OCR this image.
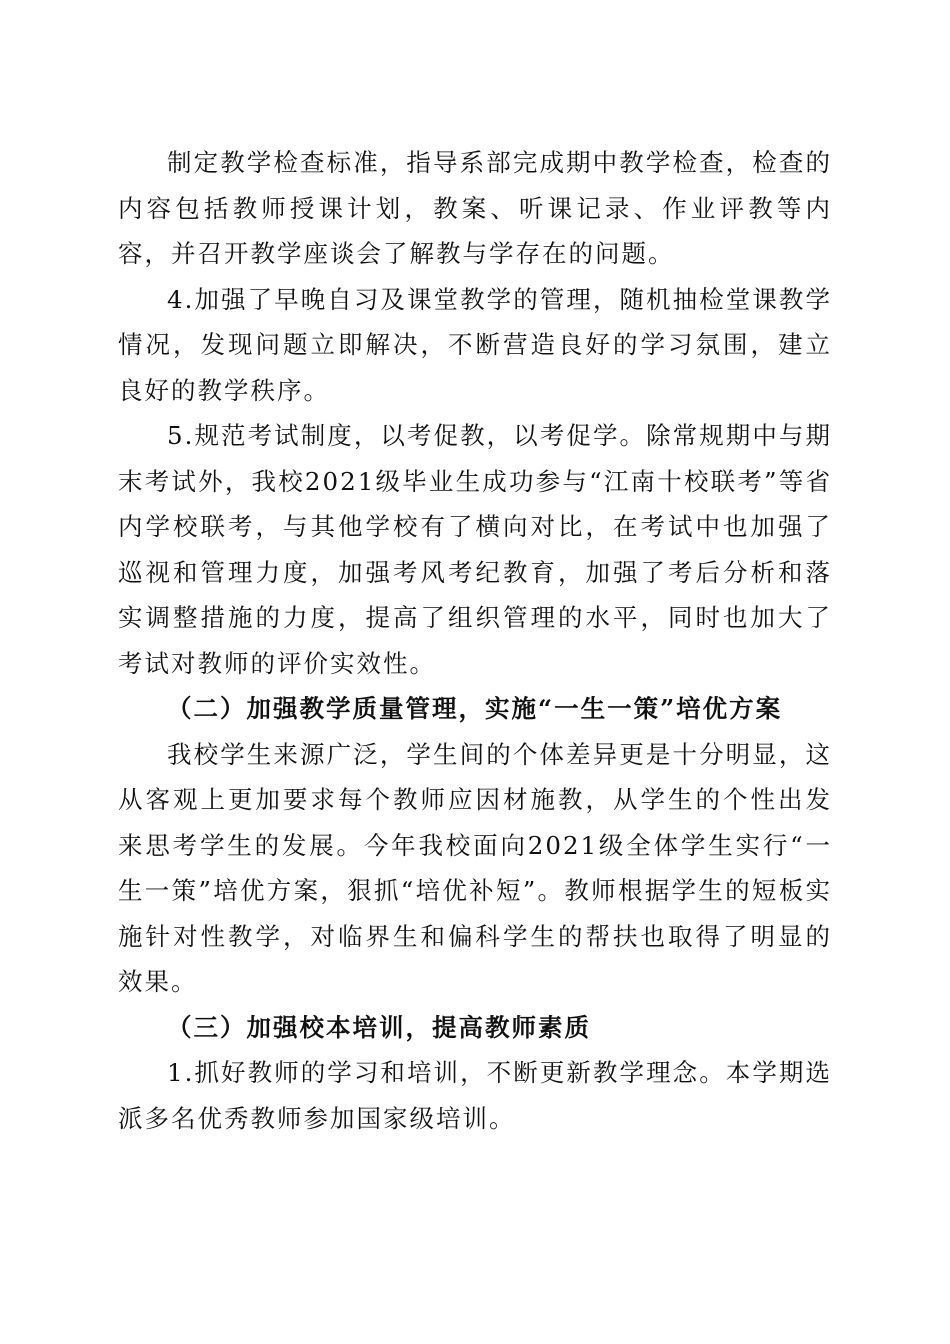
制定教学检查标准，指导系部完成期中教学检查，检查的内容包括教师授课计划，教案、听课记录、作业评教等内容，并召开教学座谈会了解教与学存在的问题。

4.加强了早晚自习及课堂教学的管理，随机抽检堂课教学情况，发现问题立即解决，不断营造良好的学习氛围，建立良好的教学秩序。

5.规范考试制度，以考促教，以考促学。除常规期中与期末考试外，我校2021级毕业生成功参与“江南十校联考”等省内学校联考，与其他学校有了横向对比，在考试中也加强了巡视和管理力度，加强考风考纪教育，加强了考后分析和落实调整措施的力度，提高了组织管理的水平，同时也加大了考试对教师的评价实效性。

（二）加强教学质量管理，实施“一生一策”培优方案

我校学生来源广泛，学生间的个体差异更是十分明显，这从客观上更加要求每个教师应因材施教，从学生的个性出发来思考学生的发展。今年我校面向2021级全体学生实行“一生一策”培优方案，狠抓“培优补短”。教师根据学生的短板实施针对性教学，对临界生和偏科学生的帮扶也取得了明显的效果。

（三）加强校本培训，提高教师素质

1.抓好教师的学习和培训，不断更新教学理念。本学期选派多名优秀教师参加国家级培训。
